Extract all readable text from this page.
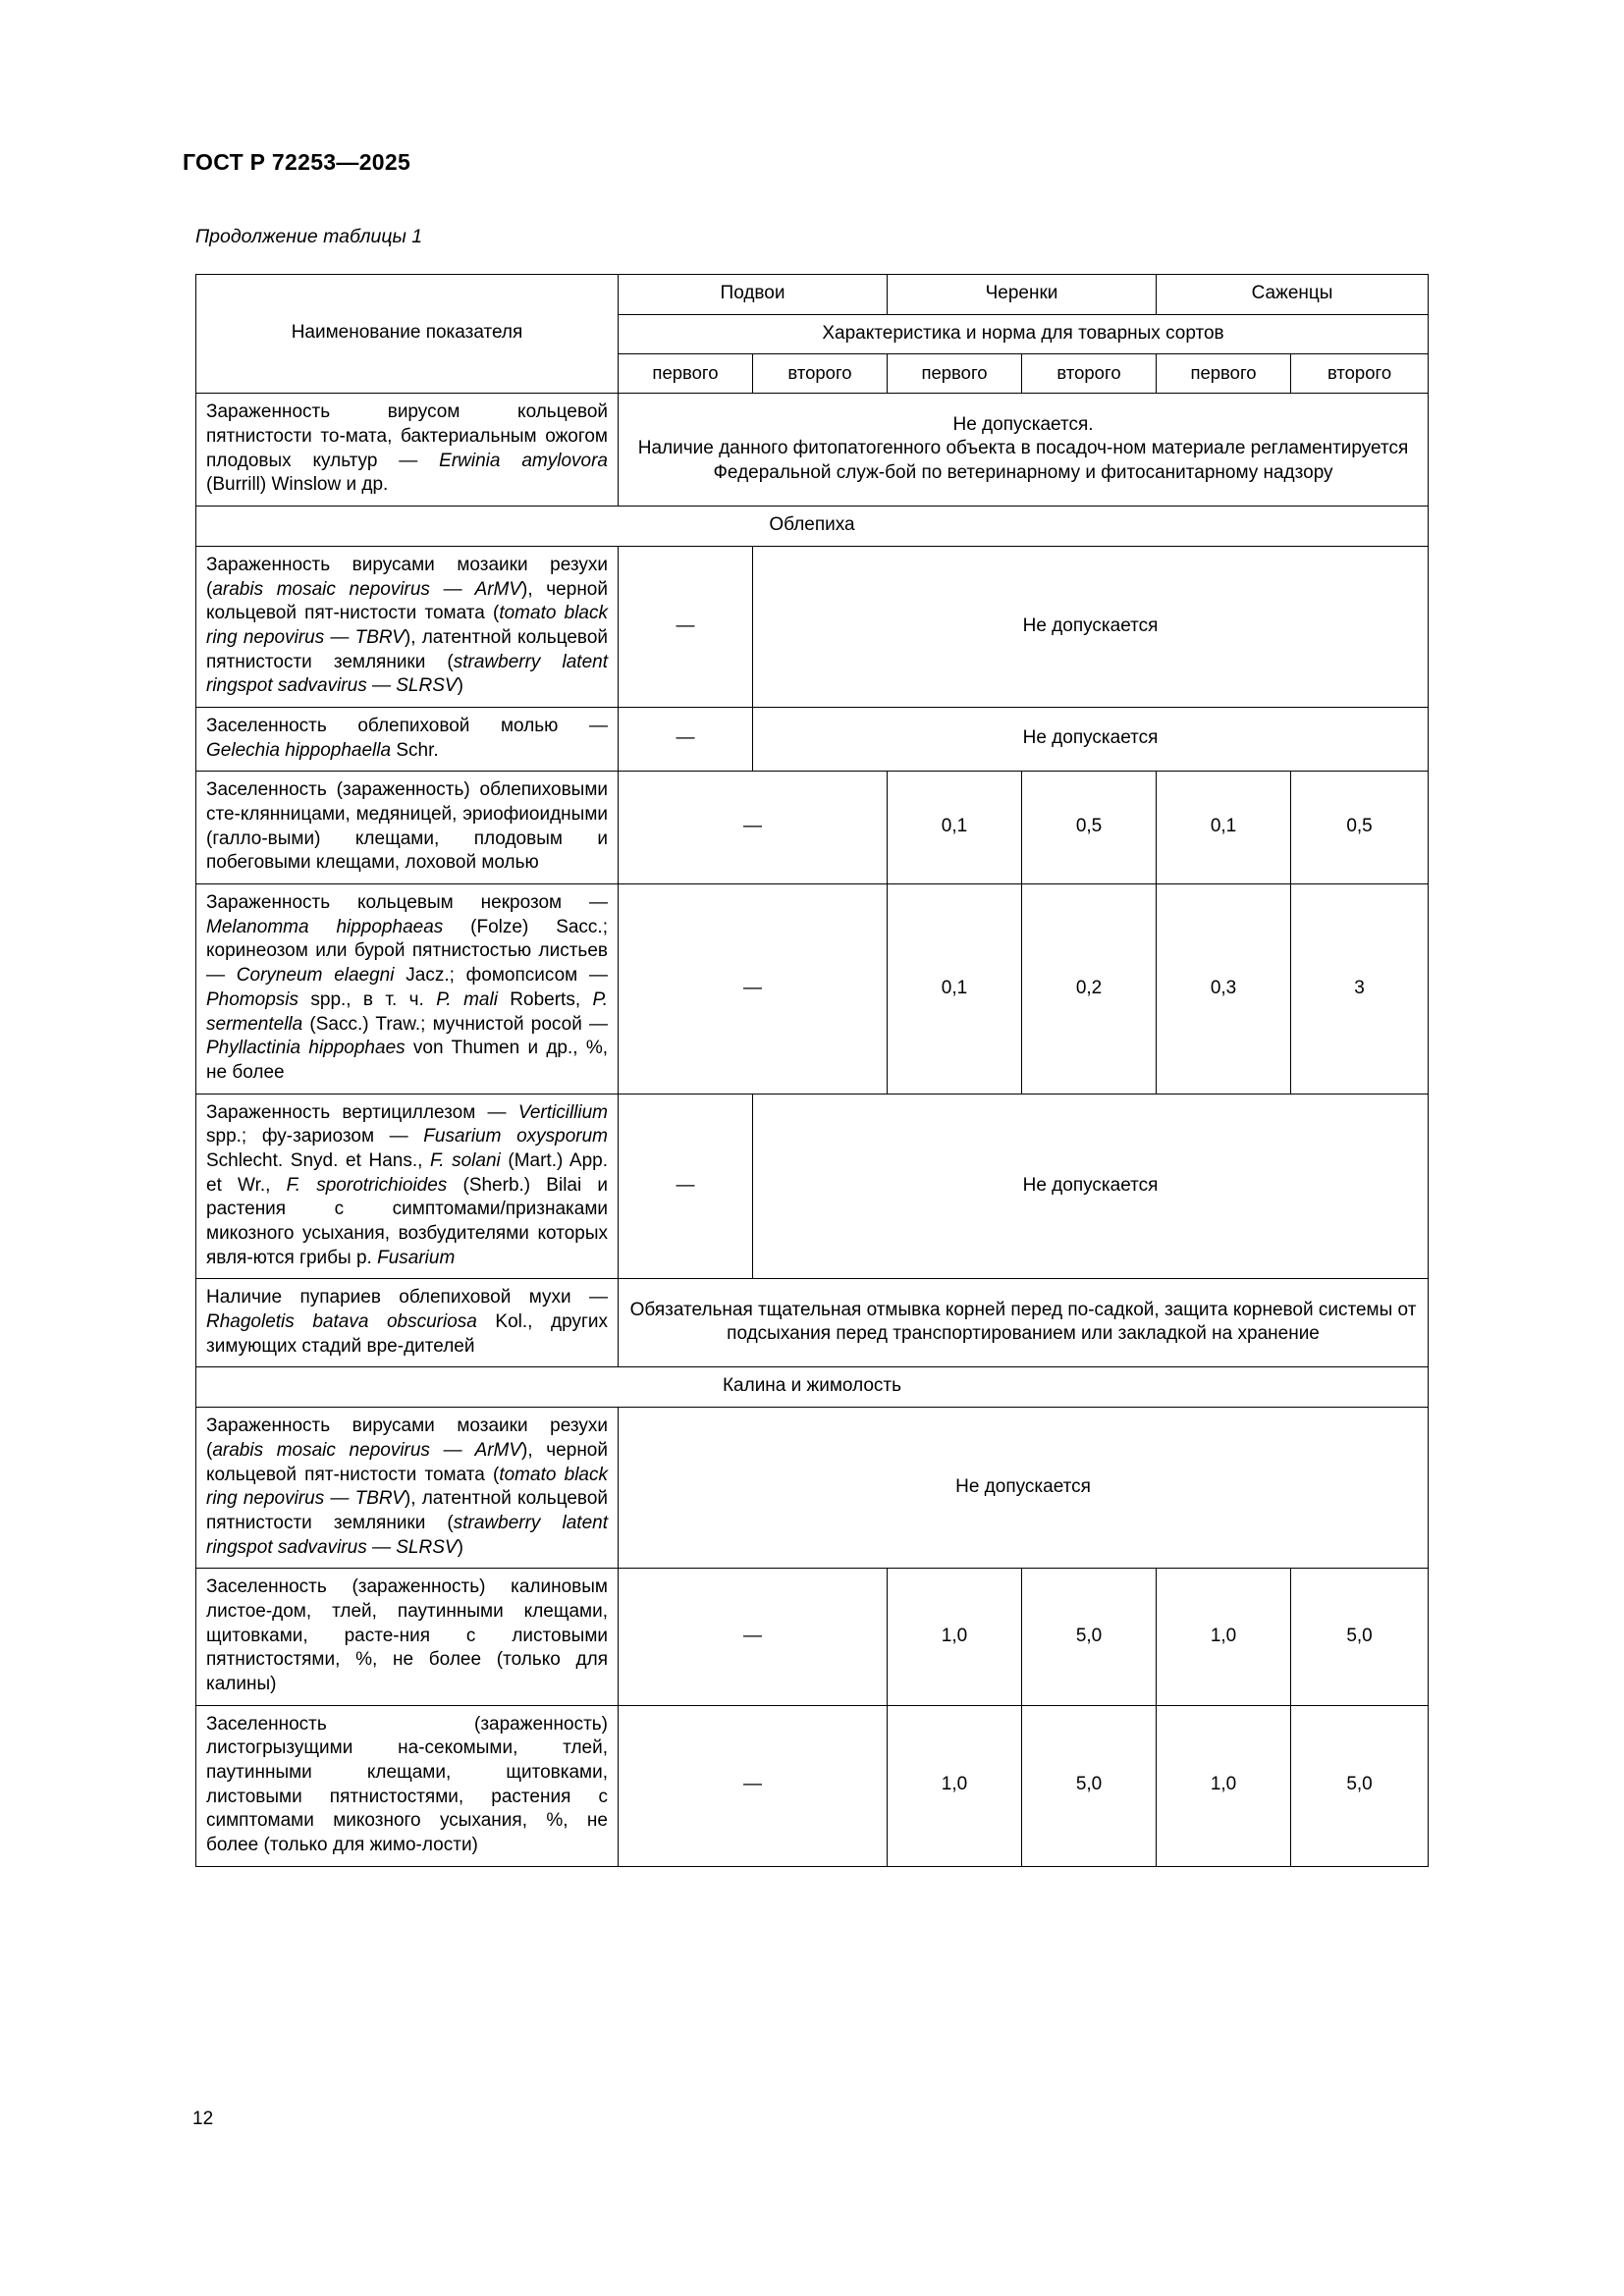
ГОСТ Р 72253—2025
Продолжение таблицы 1
Наименование показателя	Подвои		Черенки		Саженцы	
	Характеристика и норма для товарных сортов					
	первого	второго	первого	второго	первого	второго
Зараженность вирусом кольцевой пятнистости то-мата, бактериальным ожогом плодовых культур — Erwinia amylovora (Burrill) Winslow и др.	Не допускается.
Наличие данного фитопатогенного объекта в посадоч-ном материале регламентируется Федеральной служ-бой по ветеринарному и фитосанитарному надзору					
Облепиха						
Зараженность вирусами мозаики резухи (arabis mosaic nepovirus — ArMV), черной кольцевой пят-нистости томата (tomato black ring nepovirus — TBRV), латентной кольцевой пятнистости земляники (strawberry latent ringspot sadvavirus — SLRSV)	—	Не допускается				
Заселенность облепиховой молью — Gelechia hippophaella Schr.	—	Не допускается				
Заселенность (зараженность) облепиховыми сте-клянницами, медяницей, эриофиоидными (галло-выми) клещами, плодовым и побеговыми клещами, лоховой молью	—		0,1	0,5	0,1	0,5
Зараженность кольцевым некрозом — Melanomma hippophaeas (Folze) Sacc.; коринеозом или бурой пятнистостью листьев — Coryneum elaegni Jacz.; фомопсисом — Phomopsis spp., в т. ч. P. mali Roberts, P. sermentella (Sacc.) Traw.; мучнистой росой — Phyllactinia hippophaes von Thumen и др., %, не более	—		0,1	0,2	0,3	3
Зараженность вертициллезом — Verticillium spp.; фу-зариозом — Fusarium oxysporum Schlecht. Snyd. et Hans., F. solani (Mart.) App. et Wr., F. sporotrichioides (Sherb.) Bilai и растения с симптомами/признаками микозного усыхания, возбудителями которых явля-ются грибы р. Fusarium	—	Не допускается				
Наличие пупариев облепиховой мухи — Rhagoletis batava obscuriosa Kol., других зимующих стадий вре-дителей	Обязательная тщательная отмывка корней перед по-садкой, защита корневой системы от подсыхания перед транспортированием или закладкой на хранение					
Калина и жимолость						
Зараженность вирусами мозаики резухи (arabis mosaic nepovirus — ArMV), черной кольцевой пят-нистости томата (tomato black ring nepovirus — TBRV), латентной кольцевой пятнистости земляники (strawberry latent ringspot sadvavirus — SLRSV)	Не допускается					
Заселенность (зараженность) калиновым листое-дом, тлей, паутинными клещами, щитовками, расте-ния с листовыми пятнистостями, %, не более (только для калины)	—		1,0	5,0	1,0	5,0
Заселенность (зараженность) листогрызущими на-секомыми, тлей, паутинными клещами, щитовками, листовыми пятнистостями, растения с симптомами микозного усыхания, %, не более (только для жимо-лости)	—		1,0	5,0	1,0	5,0
12
